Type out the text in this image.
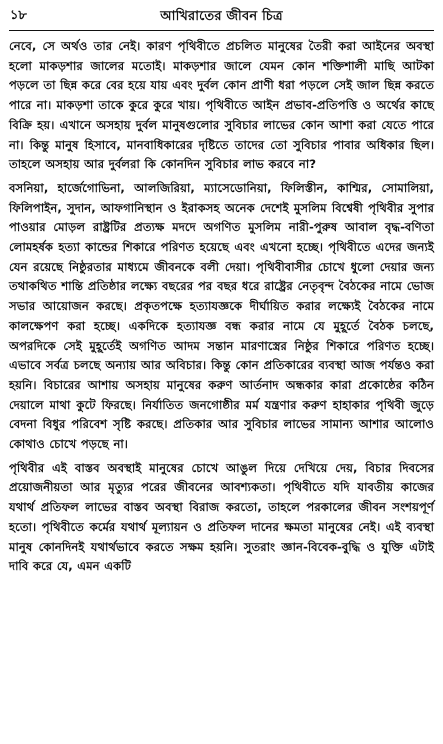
১৮	আখিরাতের জীবন চিত্র

নেবে, সে অর্থও তার নেই। কারণ পৃথিবীতে প্রচলিত মানুষের তৈরী করা আইনের অবস্থা হলো মাকড়শার জালের মতোই। মাকড়শার জালে যেমন কোন শক্তিশালী মাছি আটকা পড়লে তা ছিন্ন করে বের হয়ে যায় এবং দুর্বল কোন প্রাণী ধরা পড়লে সেই জাল ছিন্ন করতে পারে না। মাকড়শা তাকে কুরে কুরে খায়। পৃথিবীতে আইন প্রভাব-প্রতিপত্তি ও অর্থের কাছে বিক্রি হয়। এখানে অসহায় দুর্বল মানুষগুলোর সুবিচার লাভের কোন আশা করা যেতে পারে না। কিন্তু মানুষ হিসাবে, মানবাধিকারের দৃষ্টিতে তাদের তো সুবিচার পাবার অধিকার ছিল। তাহলে অসহায় আর দুর্বলরা কি কোনদিন সুবিচার লাভ করবে না?

বসনিয়া, হার্জেগোভিনা, আলজিরিয়া, ম্যাসেডোনিয়া, ফিলিস্তীন, কাশ্মির, সোমালিয়া, ফিলিপাইন, সুদান, আফগানিস্থান ও ইরাকসহ অনেক দেশেই মুসলিম বিশ্বেষী পৃথিবীর সুপার পাওয়ার মোড়ল রাষ্ট্রটির প্রত্যক্ষ মদদে অগণিত মুসলিম নারী-পুরুষ আবাল বৃদ্ধ-বণিতা লোমহর্ষক হত্যা কান্ডের শিকারে পরিণত হয়েছে এবং এখনো হচ্ছে। পৃথিবীতে এদের জন্যই যেন রয়েছে নিষ্ঠুরতার মাধ্যমে জীবনকে বলী দেয়া। পৃথিবীবাসীর চোখে ধুলো দেয়ার জন্য তথাকথিত শান্তি প্রতিষ্ঠার লক্ষ্যে বছরের পর বছর ধরে রাষ্ট্রের নেতৃবৃন্দ বৈঠকের নামে ভোজ সভার আয়োজন করছে। প্রকৃতপক্ষে হত্যাযজ্ঞকে দীর্ঘায়িত করার লক্ষ্যেই বৈঠকের নামে কালক্ষেপণ করা হচ্ছে। একদিকে হত্যাযজ্ঞ বন্ধ করার নামে যে মুহূর্তে বৈঠক চলছে, অপরদিকে সেই মুহূর্তেই অগণিত আদম সন্তান মারণাস্ত্রের নিষ্ঠুর শিকারে পরিণত হচ্ছে। এভাবে সর্বত্র চলছে অন্যায় আর অবিচার। কিন্তু কোন প্রতিকারের ব্যবস্থা আজ পর্যন্তও করা হয়নি। বিচারের আশায় অসহায় মানুষের করুণ আর্তনাদ অন্ধকার কারা প্রকোষ্ঠের কঠিন দেয়ালে মাথা কুটে ফিরছে। নির্যাতিত জনগোষ্ঠীর মর্ম যন্ত্রণার করুণ হাহাকার পৃথিবী জুড়ে বেদনা বিধুর পরিবেশ সৃষ্টি করছে। প্রতিকার আর সুবিচার লাভের সামান্য আশার আলোও কোথাও চোখে পড়ছে না।

পৃথিবীর এই বাস্তব অবস্থাই মানুষের চোখে আঙুল দিয়ে দেখিয়ে দেয়, বিচার দিবসের প্রয়োজনীয়তা আর মৃত্যুর পরের জীবনের আবশ্যকতা। পৃথিবীতে যদি যাবতীয় কাজের যথার্থ প্রতিফল লাভের বাস্তব অবস্থা বিরাজ করতো, তাহলে পরকালের জীবন সংশয়পূর্ণ হতো। পৃথিবীতে কর্মের যথার্থ মূল্যায়ন ও প্রতিফল দানের ক্ষমতা মানুষের নেই। এই ব্যবস্থা মানুষ কোনদিনই যথার্থভাবে করতে সক্ষম হয়নি। সুতরাং জ্ঞান-বিবেক-বুদ্ধি ও যুক্তি এটাই দাবি করে যে, এমন একটি
